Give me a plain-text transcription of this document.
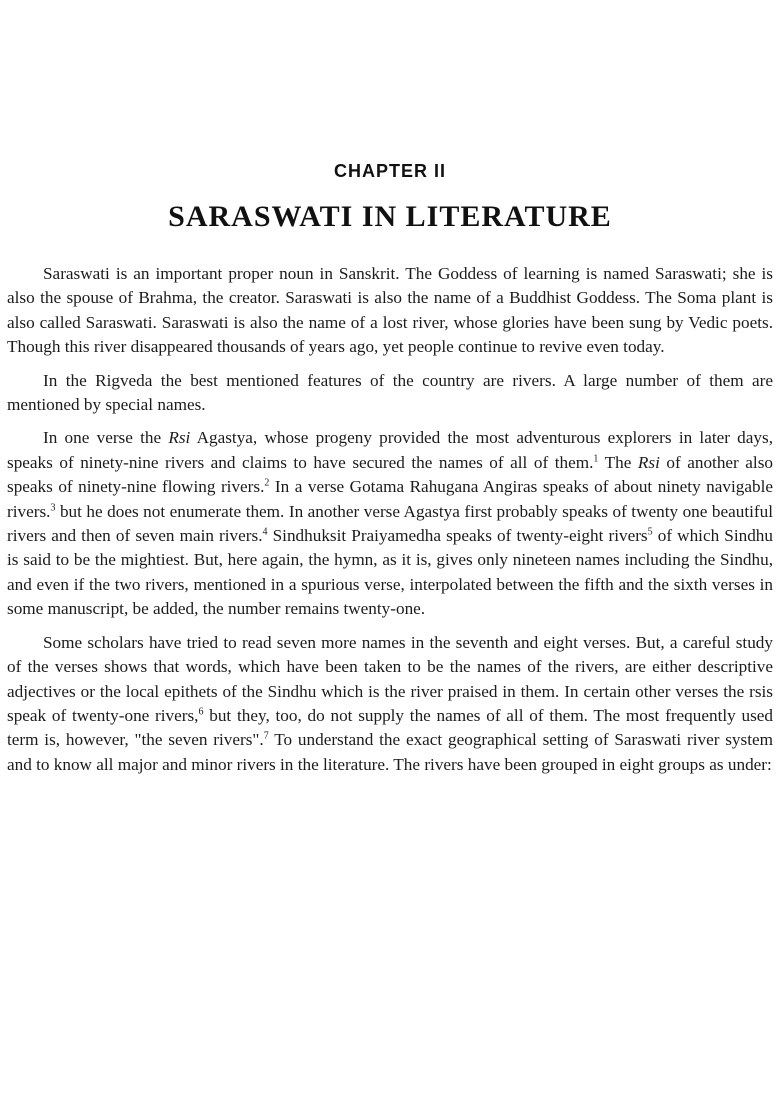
CHAPTER II
SARASWATI IN LITERATURE

Saraswati is an important proper noun in Sanskrit. The Goddess of learning is named Saraswati; she is also the spouse of Brahma, the creator. Saraswati is also the name of a Buddhist Goddess. The Soma plant is also called Saraswati. Saraswati is also the name of a lost river, whose glories have been sung by Vedic poets. Though this river disappeared thousands of years ago, yet people continue to revive even today.

In the Rigveda the best mentioned features of the country are rivers. A large number of them are mentioned by special names.

In one verse the Rsi Agastya, whose progeny provided the most adventurous explorers in later days, speaks of ninety-nine rivers and claims to have secured the names of all of them.$^1$ The Rsi of another also speaks of ninety-nine flowing rivers.$^2$ In a verse Gotama Rahugana Angiras speaks of about ninety navigable rivers.$^3$ but he does not enumerate them. In another verse Agastya first probably speaks of twenty one beautiful rivers and then of seven main rivers.$^4$ Sindhuksit Praiyamedha speaks of twenty-eight rivers$^5$ of which Sindhu is said to be the mightiest. But, here again, the hymn, as it is, gives only nineteen names including the Sindhu, and even if the two rivers, mentioned in a spurious verse, interpolated between the fifth and the sixth verses in some manuscript, be added, the number remains twenty-one.

Some scholars have tried to read seven more names in the seventh and eight verses. But, a careful study of the verses shows that words, which have been taken to be the names of the rivers, are either descriptive adjectives or the local epithets of the Sindhu which is the river praised in them. In certain other verses the rsis speak of twenty-one rivers,$^6$ but they, too, do not supply the names of all of them. The most frequently used term is, however, "the seven rivers".$^7$ To understand the exact geographical setting of Saraswati river system and to know all major and minor rivers in the literature. The rivers have been grouped in eight groups as under:
